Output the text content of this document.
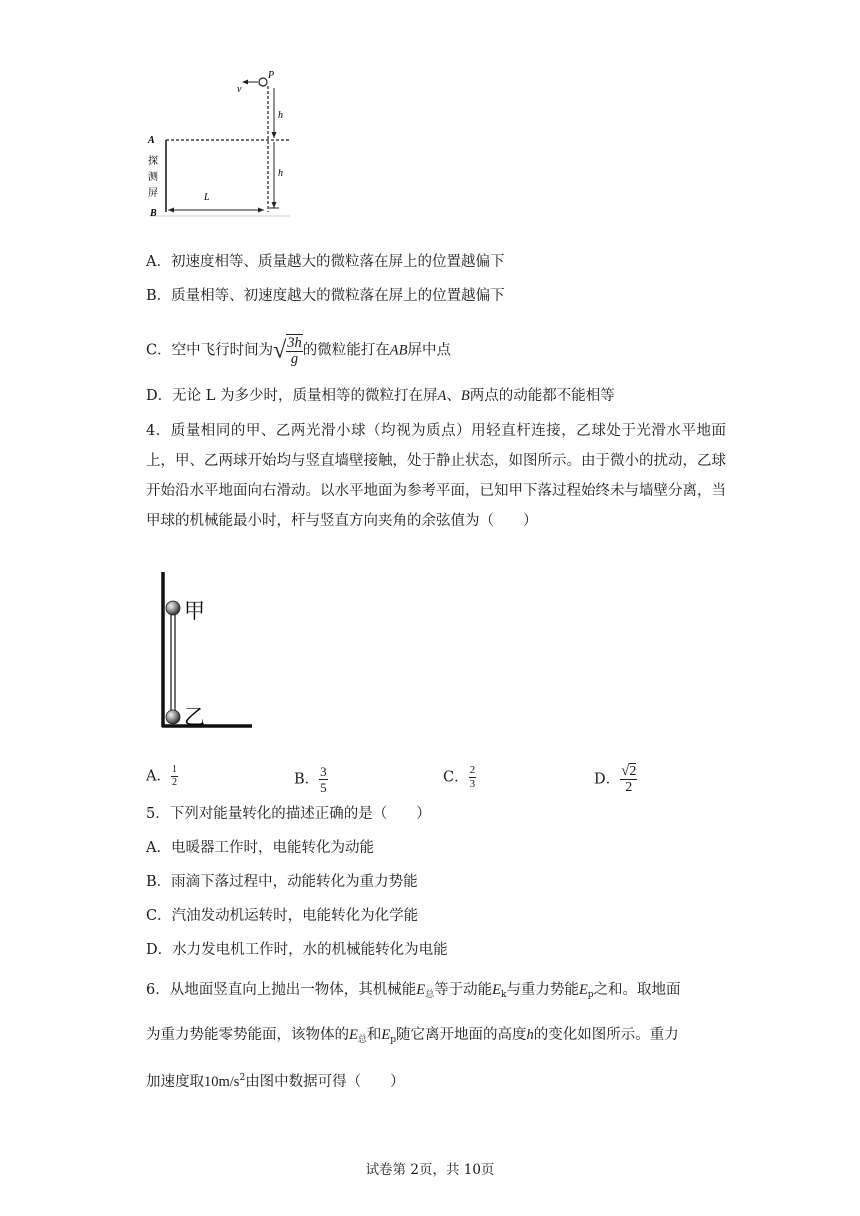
P
v
h
h
A
B
L
探
测
屏
A．初速度相等、质量越大的微粒落在屏上的位置越偏下
B．质量相等、初速度越大的微粒落在屏上的位置越偏下
C．空中飞行时间为√ $\frac{3h}{g}$ 的微粒能打在AB屏中点
D．无论 L 为多少时，质量相等的微粒打在屏A、B两点的动能都不能相等
4．质量相同的甲、乙两光滑小球（均视为质点）用轻直杆连接，乙球处于光滑水平地面上，甲、乙两球开始均与竖直墙壁接触，处于静止状态，如图所示。由于微小的扰动，乙球开始沿水平地面向右滑动。以水平地面为参考平面，已知甲下落过程始终未与墙壁分离，当甲球的机械能最小时，杆与竖直方向夹角的余弦值为（　　）
甲
乙
A． $\frac{1}{2}$	B． $\frac{3}{5}$	C． $\frac{2}{3}$	D． $\frac{√2}{2}$
5．下列对能量转化的描述正确的是（　　）
A．电暖器工作时，电能转化为动能
B．雨滴下落过程中，动能转化为重力势能
C．汽油发动机运转时，电能转化为化学能
D．水力发电机工作时，水的机械能转化为电能
6．从地面竖直向上抛出一物体，其机械能$E_总$等于动能$E_k$与重力势能$E_p$之和。取地面
为重力势能零势能面，该物体的$E_总$和$E_p$随它离开地面的高度h的变化如图所示。重力
加速度取$10m/s^2$由图中数据可得（　　）
试卷第 2页，共 10页
